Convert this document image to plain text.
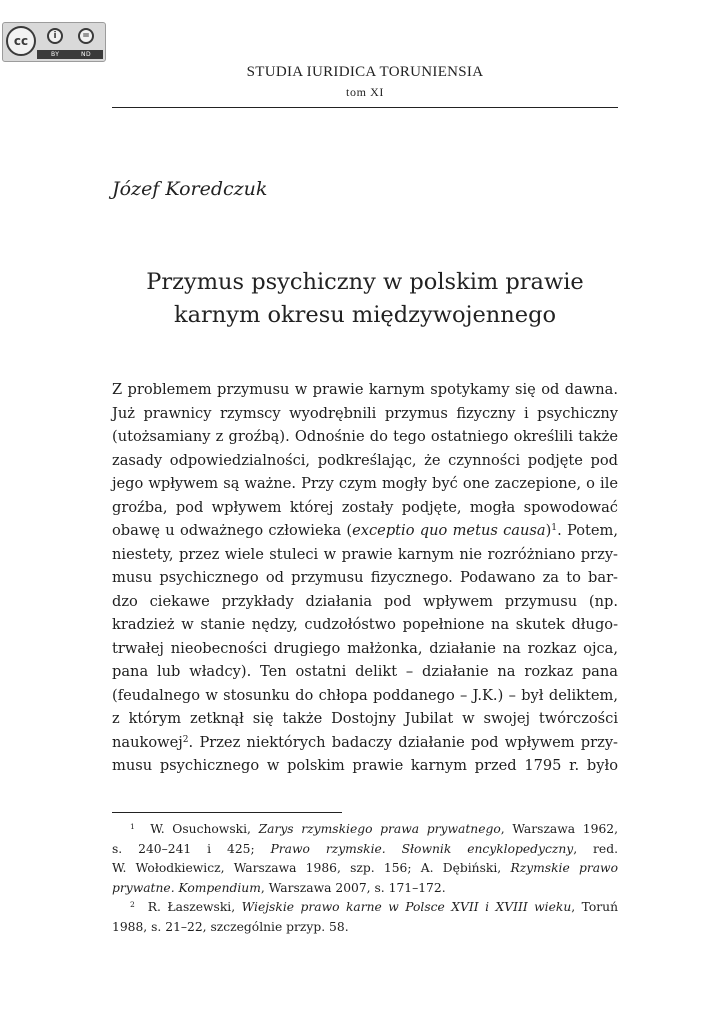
cc	i	=
BY	ND
STUDIA IURIDICA TORUNIENSIA
tom XI
Józef Koredczuk
Przymus psychiczny w polskim prawie
karnym okresu międzywojennego
Z problemem przymusu w prawie karnym spotykamy się od dawna.
Już prawnicy rzymscy wyodrębnili przymus fizyczny i psychiczny
(utożsamiany z groźbą). Odnośnie do tego ostatniego określili także
zasady odpowiedzialności, podkreślając, że czynności podjęte pod
jego wpływem są ważne. Przy czym mogły być one zaczepione, o ile
groźba, pod wpływem której zostały podjęte, mogła spowodować
obawę u odważnego człowieka (exceptio quo metus causa)$^1$. Potem,
niestety, przez wiele stuleci w prawie karnym nie rozróżniano przy-
musu psychicznego od przymusu fizycznego. Podawano za to bar-
dzo ciekawe przykłady działania pod wpływem przymusu (np.
kradzież w stanie nędzy, cudzołóstwo popełnione na skutek długo-
trwałej nieobecności drugiego małżonka, działanie na rozkaz ojca,
pana lub władcy). Ten ostatni delikt – działanie na rozkaz pana
(feudalnego w stosunku do chłopa poddanego – J.K.) – był deliktem,
z którym zetknął się także Dostojny Jubilat w swojej twórczości
naukowej$^2$. Przez niektórych badaczy działanie pod wpływem przy-
musu psychicznego w polskim prawie karnym przed 1795 r. było
$^1$ W. Osuchowski, Zarys rzymskiego prawa prywatnego, Warszawa 1962,
s. 240–241 i 425; Prawo rzymskie. Słownik encyklopedyczny, red.
W. Wołodkiewicz, Warszawa 1986, szp. 156; A. Dębiński, Rzymskie prawo
prywatne. Kompendium, Warszawa 2007, s. 171–172.
$^2$ R. Łaszewski, Wiejskie prawo karne w Polsce XVII i XVIII wieku, Toruń
1988, s. 21–22, szczególnie przyp. 58.
